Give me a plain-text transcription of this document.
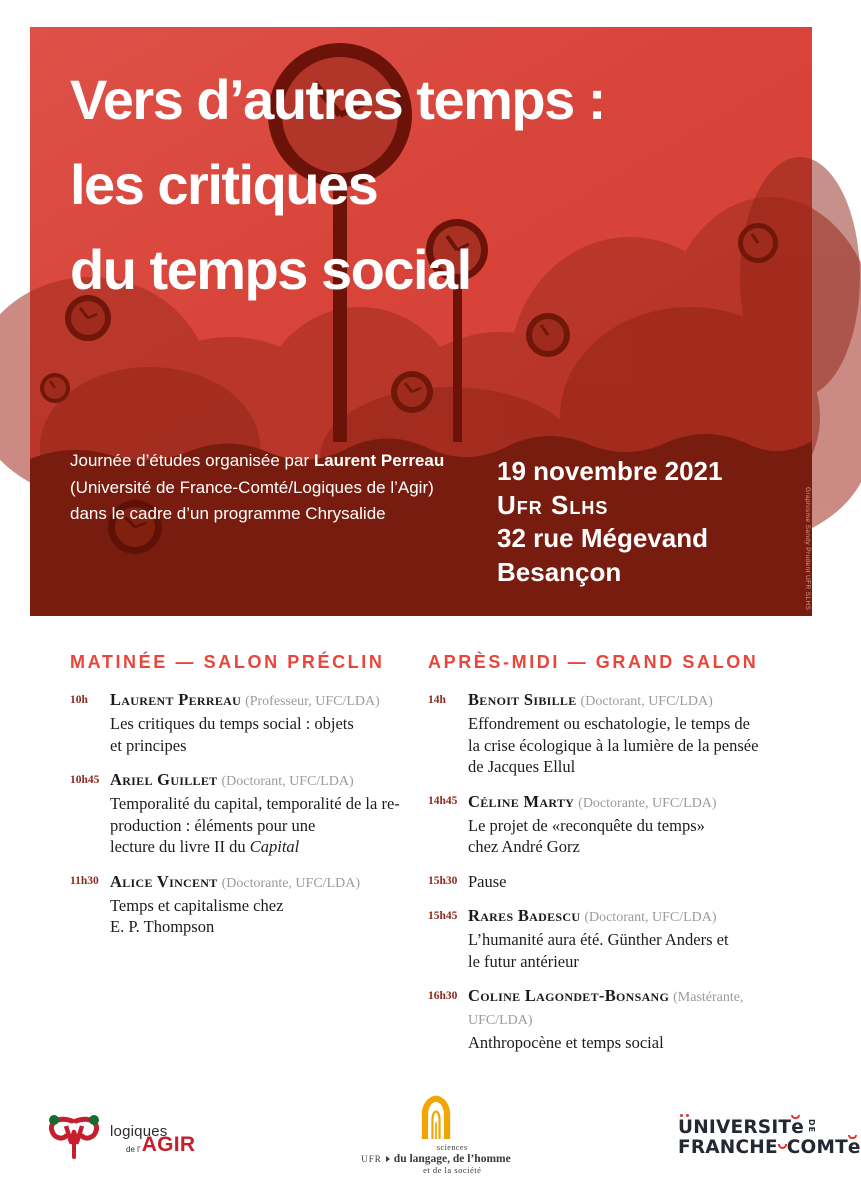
Vers d’autres temps :
les critiques
du temps social
Journée d’études organisée par Laurent Perreau
(Université de France-Comté/Logiques de l’Agir)
dans le cadre d’un programme Chrysalide
19 novembre 2021
Ufr Slhs
32 rue Mégevand
Besançon	Graphisme Sandy Prudent UFR SLHS
MATINÉE — SALON PRÉCLIN
10h	Laurent Perreau (Professeur, UFC/LDA)
Les critiques du temps social : objets
et principes
10h45 Ariel Guillet (Doctorant, UFC/LDA)
Temporalité du capital, temporalité de la re-
production : éléments pour une
lecture du livre II du Capital
11h30 Alice Vincent (Doctorante, UFC/LDA)
Temps et capitalisme chez
E. P. Thompson
APRÈS-MIDI — GRAND SALON
14h	Benoit Sibille (Doctorant, UFC/LDA)
Effondrement ou eschatologie, le temps de
la crise écologique à la lumière de la pensée
de Jacques Ellul
14h45 Céline Marty (Doctorante, UFC/LDA)
Le projet de «reconquête du temps»
chez André Gorz
15h30 Pause
15h45 Rares Badescu (Doctorant, UFC/LDA)
L’humanité aura été. Günther Anders et
le futur antérieur
16h30 Coline Lagondet-Bonsang (Mastérante, UFC/LDA)
Anthropocène et temps social
logiques
de l’ AGIR
UFR
sciences
du langage, de l’homme
et de la société
UNIVERSIT e DE
FRANCHE COMT e
